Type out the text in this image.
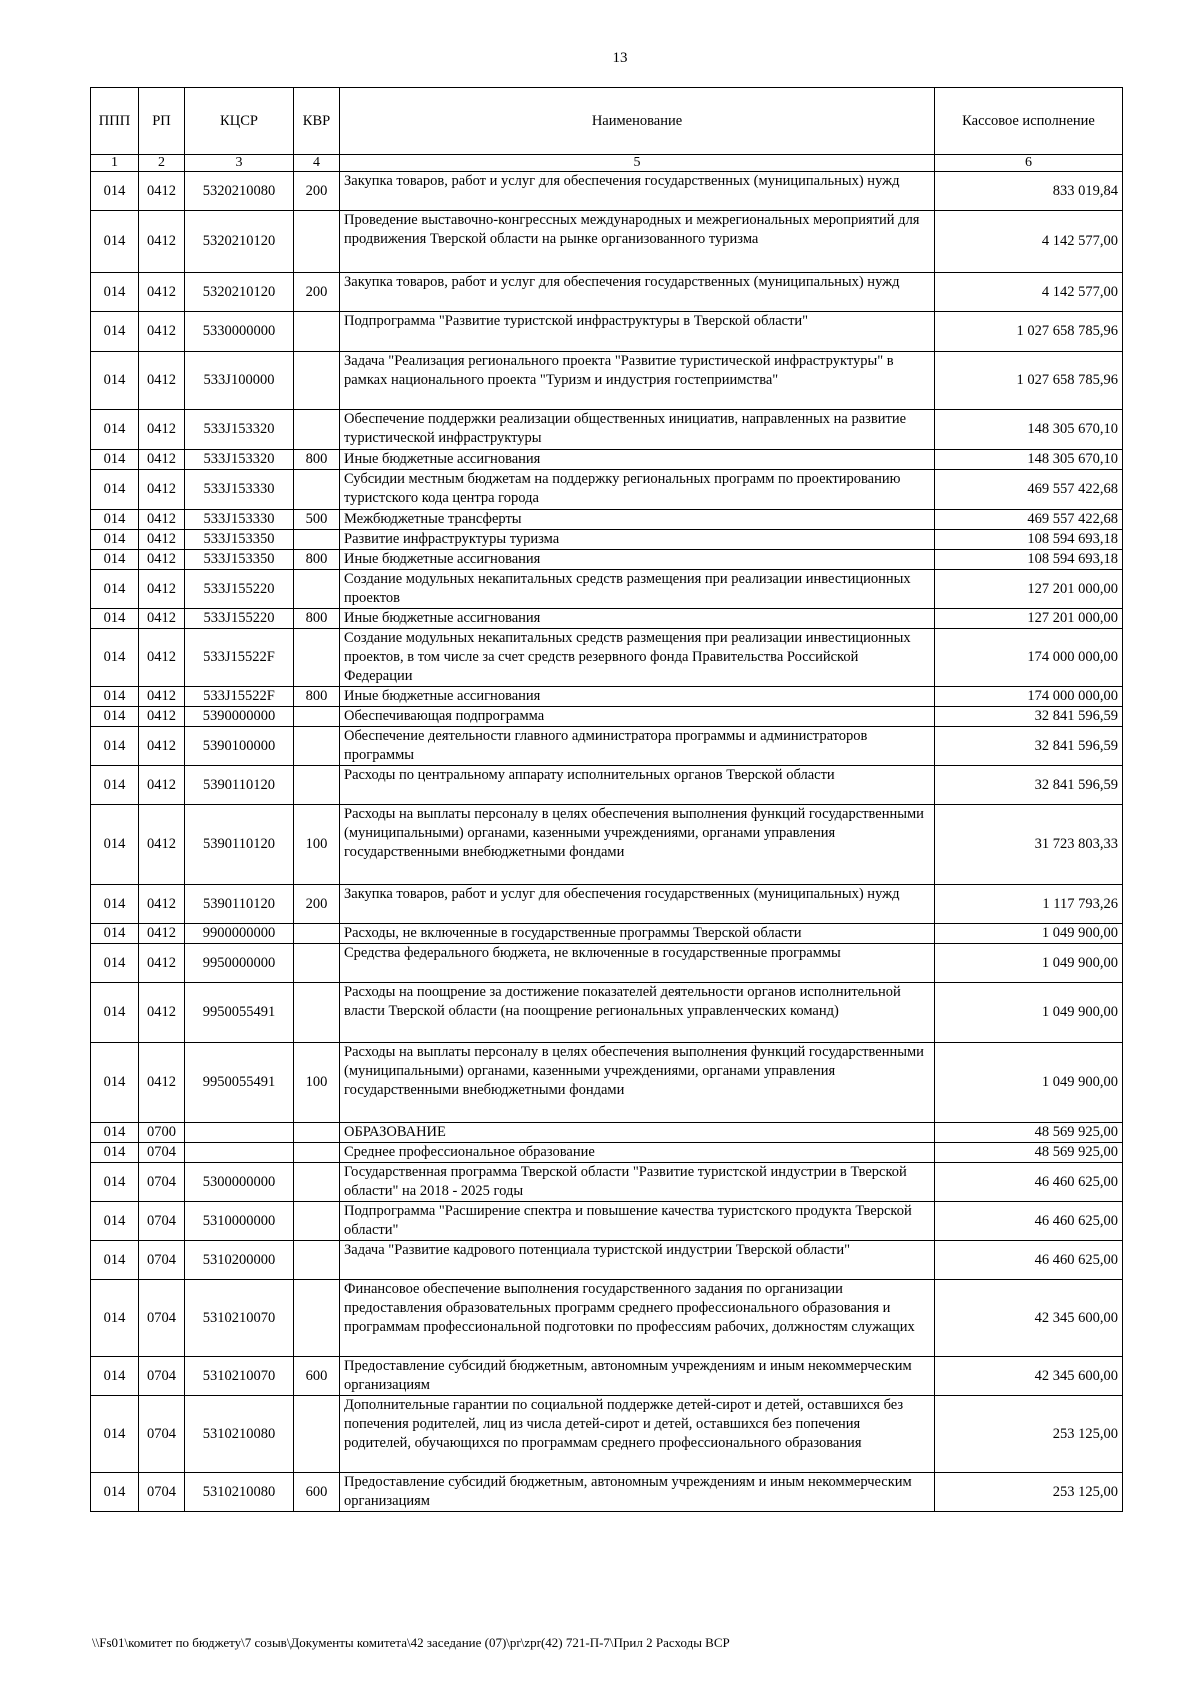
13
ППП	РП	КЦСР	КВР	Наименование	Кассовое исполнение
1	2	3	4	5	6
014	0412	5320210080	200	Закупка товаров, работ и услуг для обеспечения государственных (муниципальных) нужд	833 019,84
014	0412	5320210120		Проведение выставочно-конгрессных международных и межрегиональных мероприятий для продвижения Тверской области на рынке организованного туризма	4 142 577,00
014	0412	5320210120	200	Закупка товаров, работ и услуг для обеспечения государственных (муниципальных) нужд	4 142 577,00
014	0412	5330000000		Подпрограмма "Развитие туристской инфраструктуры в Тверской области"	1 027 658 785,96
014	0412	533J100000		Задача "Реализация регионального проекта "Развитие туристической инфраструктуры" в рамках национального проекта "Туризм и индустрия гостеприимства"	1 027 658 785,96
014	0412	533J153320		Обеспечение поддержки реализации общественных инициатив, направленных на развитие туристической инфраструктуры	148 305 670,10
014	0412	533J153320	800	Иные бюджетные ассигнования	148 305 670,10
014	0412	533J153330		Субсидии местным бюджетам на поддержку региональных программ по проектированию туристского кода центра города	469 557 422,68
014	0412	533J153330	500	Межбюджетные трансферты	469 557 422,68
014	0412	533J153350		Развитие инфраструктуры туризма	108 594 693,18
014	0412	533J153350	800	Иные бюджетные ассигнования	108 594 693,18
014	0412	533J155220		Создание модульных некапитальных средств размещения при реализации инвестиционных проектов	127 201 000,00
014	0412	533J155220	800	Иные бюджетные ассигнования	127 201 000,00
014	0412	533J15522F		Создание модульных некапитальных средств размещения при реализации инвестиционных проектов, в том числе за счет средств резервного фонда Правительства Российской Федерации	174 000 000,00
014	0412	533J15522F	800	Иные бюджетные ассигнования	174 000 000,00
014	0412	5390000000		Обеспечивающая подпрограмма	32 841 596,59
014	0412	5390100000		Обеспечение деятельности главного администратора программы и администраторов программы	32 841 596,59
014	0412	5390110120		Расходы по центральному аппарату исполнительных органов Тверской области	32 841 596,59
014	0412	5390110120	100	Расходы на выплаты персоналу в целях обеспечения выполнения функций государственными (муниципальными) органами, казенными учреждениями, органами управления государственными внебюджетными фондами	31 723 803,33
014	0412	5390110120	200	Закупка товаров, работ и услуг для обеспечения государственных (муниципальных) нужд	1 117 793,26
014	0412	9900000000		Расходы, не включенные в государственные программы Тверской области	1 049 900,00
014	0412	9950000000		Средства федерального бюджета, не включенные в государственные программы	1 049 900,00
014	0412	9950055491		Расходы на поощрение за достижение показателей деятельности органов исполнительной власти Тверской области (на поощрение региональных управленческих команд)	1 049 900,00
014	0412	9950055491	100	Расходы на выплаты персоналу в целях обеспечения выполнения функций государственными (муниципальными) органами, казенными учреждениями, органами управления государственными внебюджетными фондами	1 049 900,00
014	0700			ОБРАЗОВАНИЕ	48 569 925,00
014	0704			Среднее профессиональное образование	48 569 925,00
014	0704	5300000000		Государственная программа Тверской области "Развитие туристской индустрии в Тверской области" на 2018 - 2025 годы	46 460 625,00
014	0704	5310000000		Подпрограмма "Расширение спектра и повышение качества туристского продукта Тверской области"	46 460 625,00
014	0704	5310200000		Задача "Развитие кадрового потенциала туристской индустрии Тверской области"	46 460 625,00
014	0704	5310210070		Финансовое обеспечение выполнения государственного задания по организации предоставления образовательных программ среднего профессионального образования и программам профессиональной подготовки по профессиям рабочих, должностям служащих	42 345 600,00
014	0704	5310210070	600	Предоставление субсидий бюджетным, автономным учреждениям и иным некоммерческим организациям	42 345 600,00
014	0704	5310210080		Дополнительные гарантии по социальной поддержке детей-сирот и детей, оставшихся без попечения родителей, лиц из числа детей-сирот и детей, оставшихся без попечения родителей, обучающихся по программам среднего профессионального образования	253 125,00
014	0704	5310210080	600	Предоставление субсидий бюджетным, автономным учреждениям и иным некоммерческим организациям	253 125,00
\\Fs01\комитет по бюджету\7 созыв\Документы комитета\42 заседание (07)\pr\zpr(42) 721-П-7\Прил 2 Расходы ВСР
